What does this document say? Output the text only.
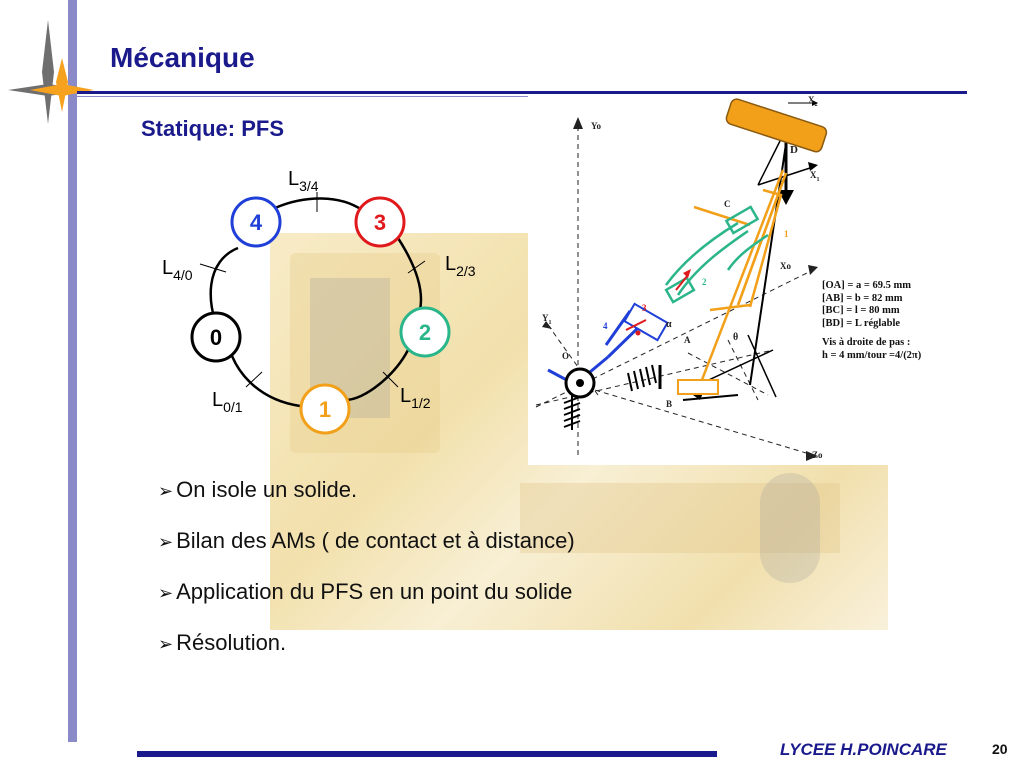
Mécanique
Statique: PFS
4	3
0	2
1
$L_{3/4}$
$L_{2/3}$
$L_{4/0}$
$L_{0/1}$	$L_{1/2}$
$X_2$
$X_1$
Yo
Xo
$Y_1$
Zo
D
C
A
B
O
θ
α
1
2
3
4
[OA] = a = 69.5 mm
[AB] = b = 82 mm
[BC] = l = 80 mm
[BD] = L réglable
Vis à droite de pas :
h = 4 mm/tour =4/(2π)
➢ On isole un solide.
➢ Bilan des AMs ( de contact et à distance)
➢ Application du PFS en un point du solide
➢ Résolution.
LYCEE H.POINCARE	20
